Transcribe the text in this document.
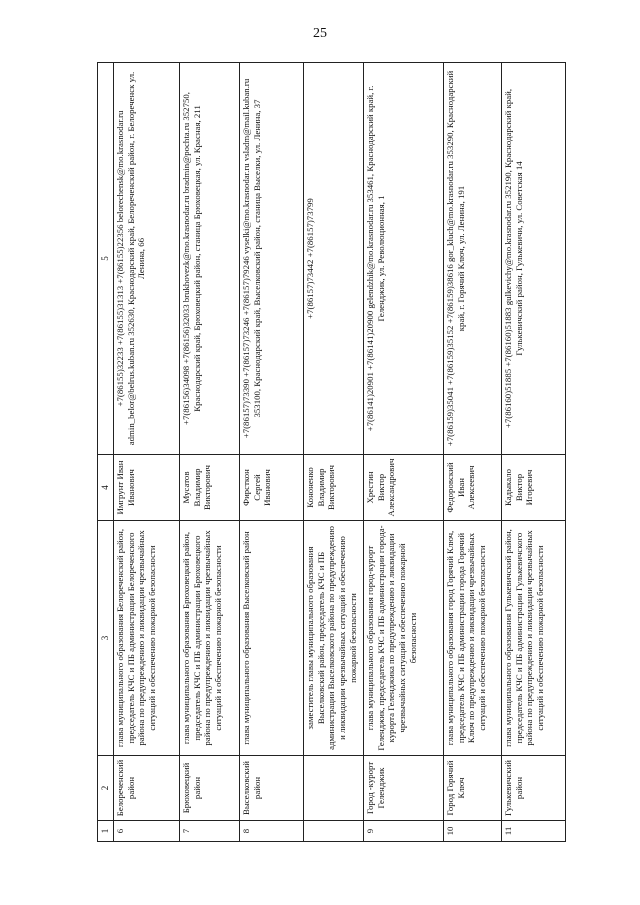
25
1	2	3	4	5
6	Белореченский район	глава муниципального образования Белореченский район, председатель КЧС и ПБ администрации Белореченского района по предупреждению и ликвидации чрезвычайных ситуаций и обеспечению пожарной безопасности	Имгрунт Иван Иванович	+7(86155)32233 +7(86155)31313 +7(86155)22356 belorechensk@mo.krasnodar.ru admin_belor@belrus.kuban.ru 352630, Краснодарский край, Белореченский район, г. Белореченск ул. Ленина, 66
7	Брюховецкий район	глава муниципального образования Брюховецкий район, председатель КЧС и ПБ администрации Брюховецкого района по предупреждению и ликвидации чрезвычайных ситуаций и обеспечению пожарной безопасности	Мусатов Владимир Викторович	+7(86156)34098 +7(86156)32033 brukhovezk@mo.krasnodar.ru bradmin@pochta.ru 352750, Краснодарский край, Брюховецкий район, станица Брюховецкая, ул. Красная, 211
8	Выселковский район	глава муниципального образования Выселковский район	Фирсткон Сергей Иванович	+7(86157)73390 +7(86157)73246 +7(86157)79246 vyselki@mo.krasnodar.ru vsladm@mail.kuban.ru 353100, Краснодарский край, Выселковский район, станица Выселки, ул. Ленина, 37
		заместитель главы муниципального образования Выселковский район, председатель КЧС и ПБ администрации Выселковского района по предупреждению и ликвидации чрезвычайных ситуаций и обеспечению пожарной безопасности	Кононенко Владимир Викторович	+7(86157)73442 +7(86157)73799
9	Город -курорт Геленджик	глава муниципального образования город-курорт Геленджик, председатель КЧС и ПБ администрации города-курорта Геленджика по предупреждению и ликвидации чрезвычайных ситуаций и обеспечению пожарной безопасности	Хрестин Виктор Александрович	+7(86141)20901 +7(86141)20900 gelendzhik@mo.krasnodar.ru 353461, Краснодарский край, г. Геленджик, ул. Революционная, 1
10	Город Горячий Ключ	глава муниципального образования город Горячий Ключ, председатель КЧС и ПБ администрации города Горячий Ключ по предупреждению и ликвидации чрезвычайных ситуаций и обеспечению пожарной безопасности	Федоровский Иван Алексеевич	+7(86159)35041 +7(86159)35152 +7(86159)38616 gor_kluch@mo.krasnodar.ru 353290, Краснодарский край, г. Горячий Ключ, ул. Ленина, 191
11	Гулькевичский район	глава муниципального образования Гулькевичский район, председатель КЧС и ПБ администрации Гулькевичского района по предупреждению и ликвидации чрезвычайных ситуаций и обеспечению пожарной безопасности	Кадыкало Виктор Игоревич	+7(86160)51885 +7(86160)51883 gulkevichy@mo.krasnodar.ru 352190, Краснодарский край, Гулькевичский район, Гулькевичи, ул. Советская 14
